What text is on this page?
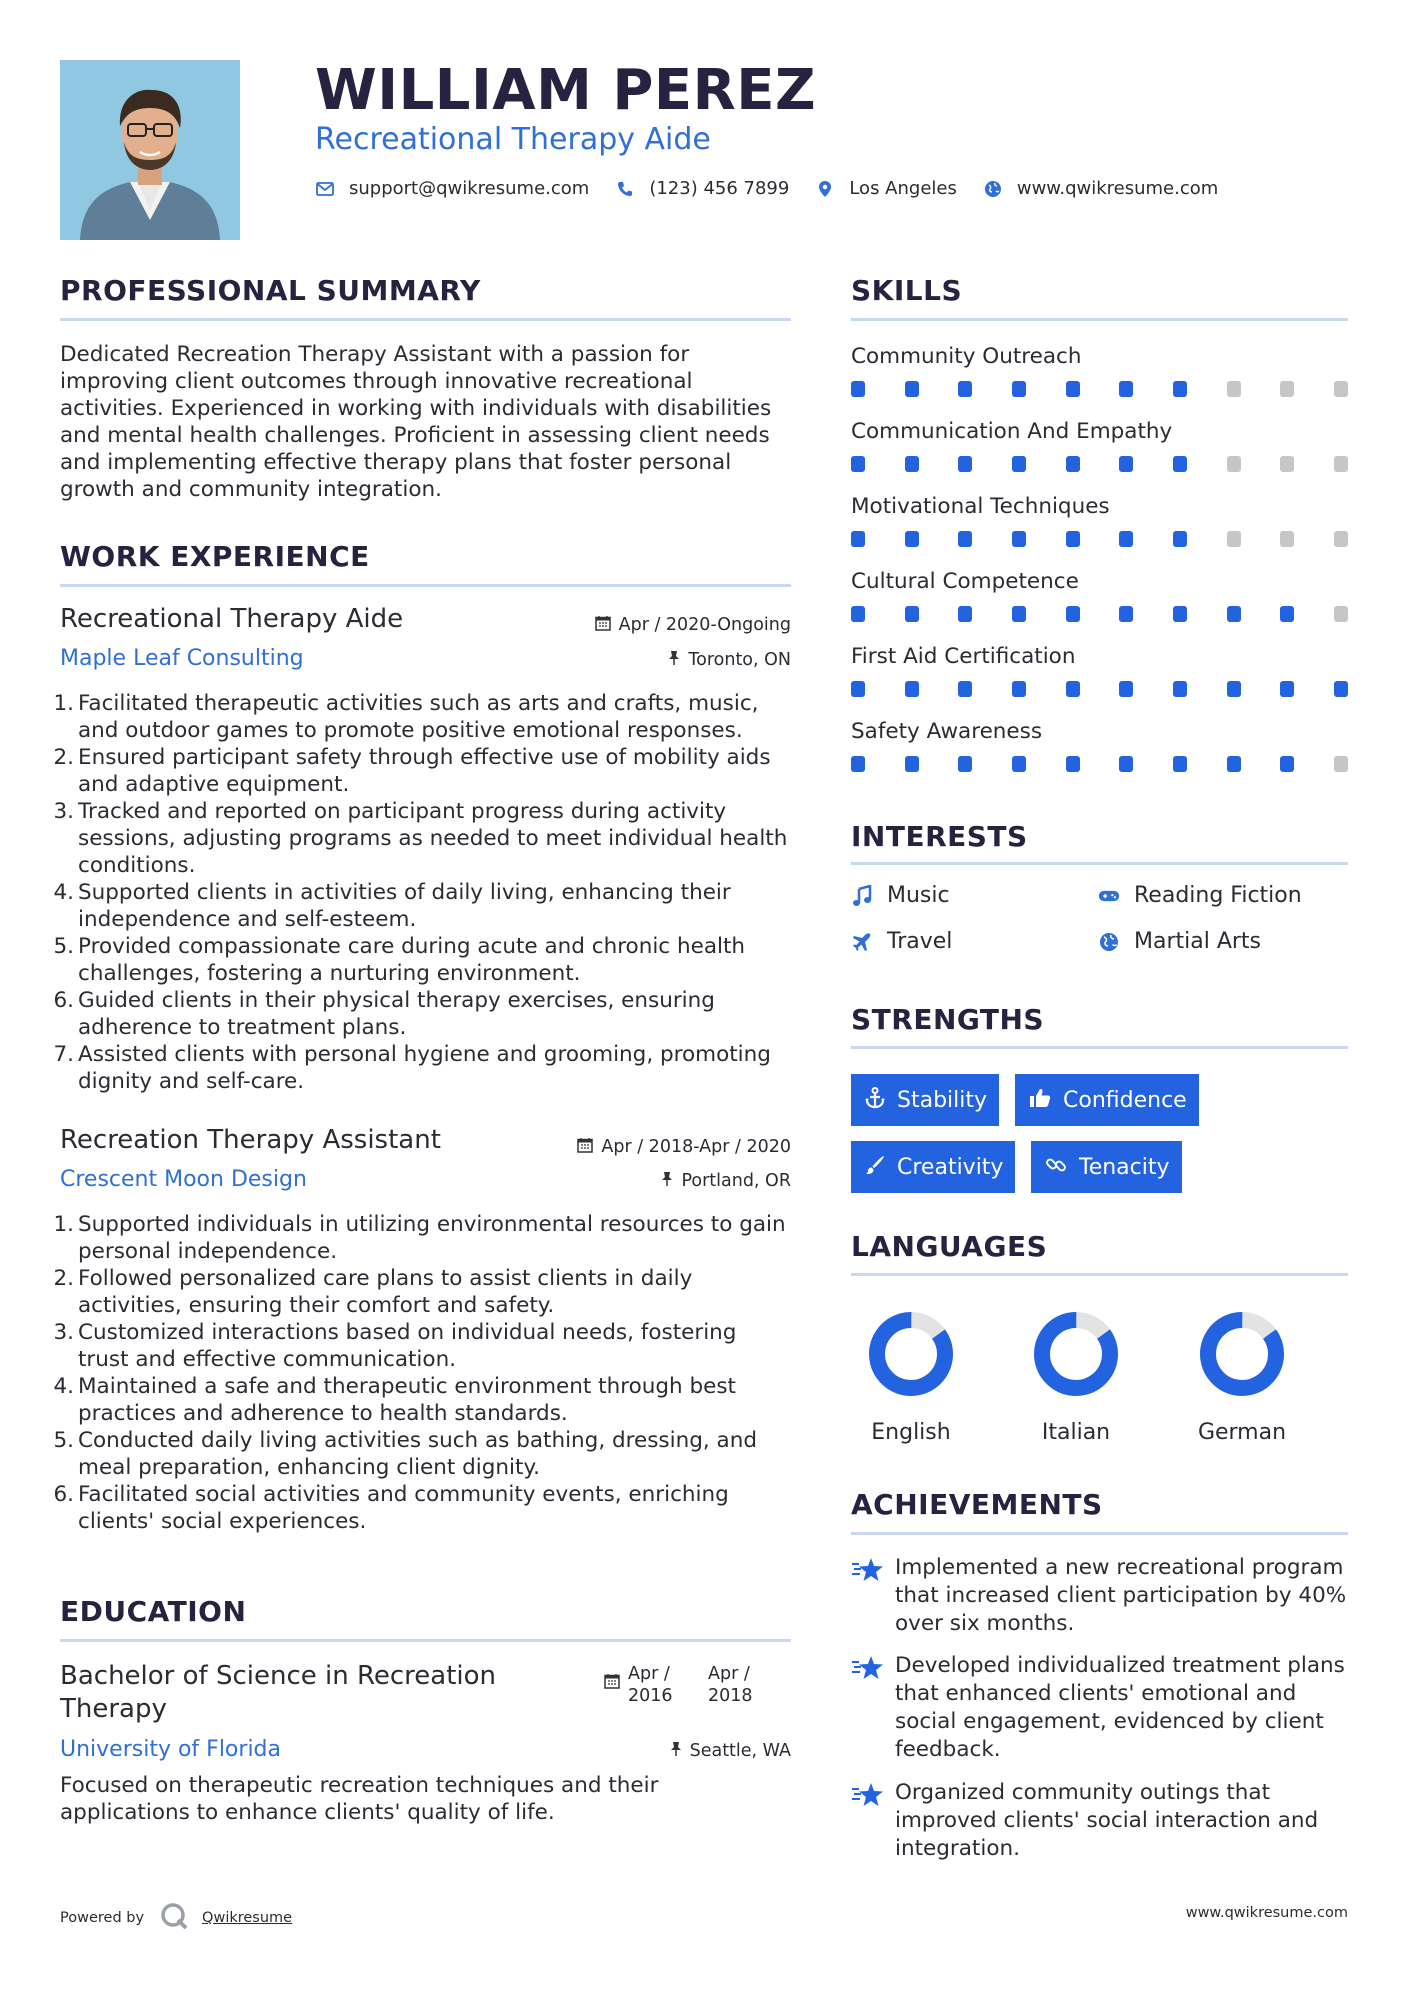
WILLIAM PEREZ
Recreational Therapy Aide
support@qwikresume.com	(123) 456 7899	Los Angeles	www.qwikresume.com
PROFESSIONAL SUMMARY
Dedicated Recreation Therapy Assistant with a passion for improving client outcomes through innovative recreational activities. Experienced in working with individuals with disabilities and mental health challenges. Proficient in assessing client needs and implementing effective therapy plans that foster personal growth and community integration.
WORK EXPERIENCE
Recreational Therapy Aide	Apr / 2020-Ongoing
Maple Leaf Consulting	Toronto, ON
1. Facilitated therapeutic activities such as arts and crafts, music, and outdoor games to promote positive emotional responses.
2. Ensured participant safety through effective use of mobility aids and adaptive equipment.
3. Tracked and reported on participant progress during activity sessions, adjusting programs as needed to meet individual health conditions.
4. Supported clients in activities of daily living, enhancing their independence and self-esteem.
5. Provided compassionate care during acute and chronic health challenges, fostering a nurturing environment.
6. Guided clients in their physical therapy exercises, ensuring adherence to treatment plans.
7. Assisted clients with personal hygiene and grooming, promoting dignity and self-care.
Recreation Therapy Assistant	Apr / 2018-Apr / 2020
Crescent Moon Design	Portland, OR
1. Supported individuals in utilizing environmental resources to gain personal independence.
2. Followed personalized care plans to assist clients in daily activities, ensuring their comfort and safety.
3. Customized interactions based on individual needs, fostering trust and effective communication.
4. Maintained a safe and therapeutic environment through best practices and adherence to health standards.
5. Conducted daily living activities such as bathing, dressing, and meal preparation, enhancing client dignity.
6. Facilitated social activities and community events, enriching clients' social experiences.
EDUCATION
Bachelor of Science in Recreation Therapy
Apr / 2016
Apr / 2018
University of Florida	Seattle, WA
Focused on therapeutic recreation techniques and their applications to enhance clients' quality of life.
SKILLS
Community Outreach
Communication And Empathy
Motivational Techniques
Cultural Competence
First Aid Certification
Safety Awareness
INTERESTS
Music	Reading Fiction
Travel	Martial Arts
STRENGTHS
Stability	Confidence
Creativity	Tenacity
LANGUAGES
English	Italian	German
ACHIEVEMENTS
Implemented a new recreational program that increased client participation by 40% over six months.
Developed individualized treatment plans that enhanced clients' emotional and social engagement, evidenced by client feedback.
Organized community outings that improved clients' social interaction and integration.
Powered by	Qwikresume	www.qwikresume.com
